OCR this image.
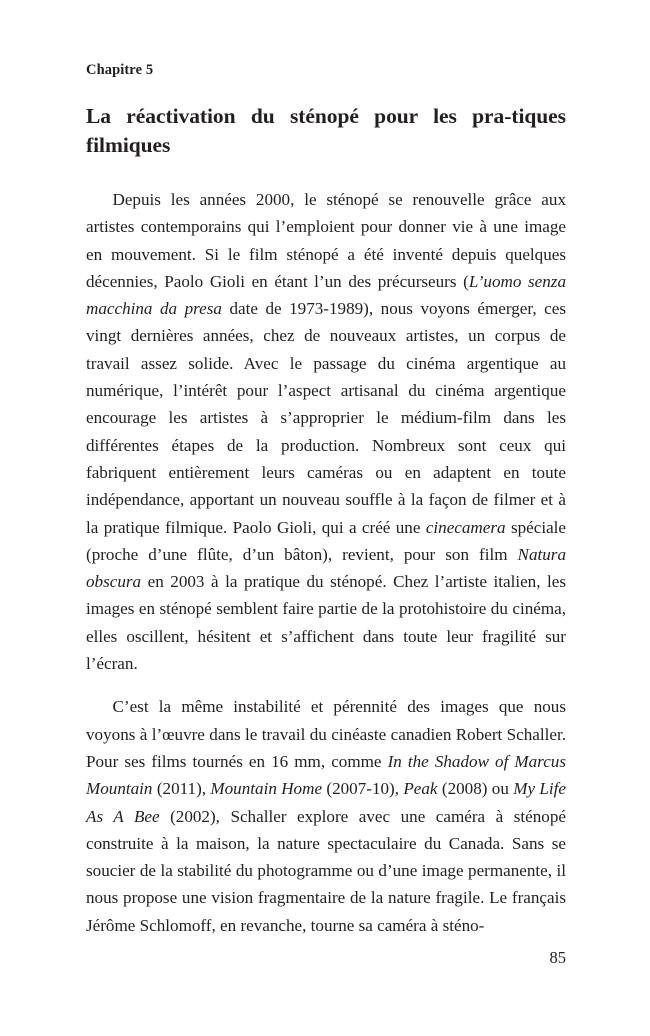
Chapitre 5
La réactivation du sténopé pour les pra-tiques filmiques

Depuis les années 2000, le sténopé se renouvelle grâce aux artistes contemporains qui l’emploient pour donner vie à une image en mouvement. Si le film sténopé a été inventé depuis quelques décennies, Paolo Gioli en étant l’un des précurseurs (L’uomo senza macchina da presa date de 1973-1989), nous voyons émerger, ces vingt dernières années, chez de nouveaux artistes, un corpus de travail assez solide. Avec le passage du cinéma argentique au numérique, l’intérêt pour l’aspect artisanal du cinéma argentique encourage les artistes à s’approprier le médium-film dans les différentes étapes de la production. Nombreux sont ceux qui fabriquent entièrement leurs caméras ou en adaptent en toute indépendance, apportant un nouveau souffle à la façon de filmer et à la pratique filmique. Paolo Gioli, qui a créé une cinecamera spéciale (proche d’une flûte, d’un bâton), revient, pour son film Natura obscura en 2003 à la pratique du sténopé. Chez l’artiste italien, les images en sténopé semblent faire partie de la protohistoire du cinéma, elles oscillent, hésitent et s’affichent dans toute leur fragilité sur l’écran.

C’est la même instabilité et pérennité des images que nous voyons à l’œuvre dans le travail du cinéaste canadien Robert Schaller. Pour ses films tournés en 16 mm, comme In the Shadow of Marcus Mountain (2011), Mountain Home (2007-10), Peak (2008) ou My Life As A Bee (2002), Schaller explore avec une caméra à sténopé construite à la maison, la nature spectaculaire du Canada. Sans se soucier de la stabilité du photogramme ou d’une image permanente, il nous propose une vision fragmentaire de la nature fragile. Le français Jérôme Schlomoff, en revanche, tourne sa caméra à sténo-

85
